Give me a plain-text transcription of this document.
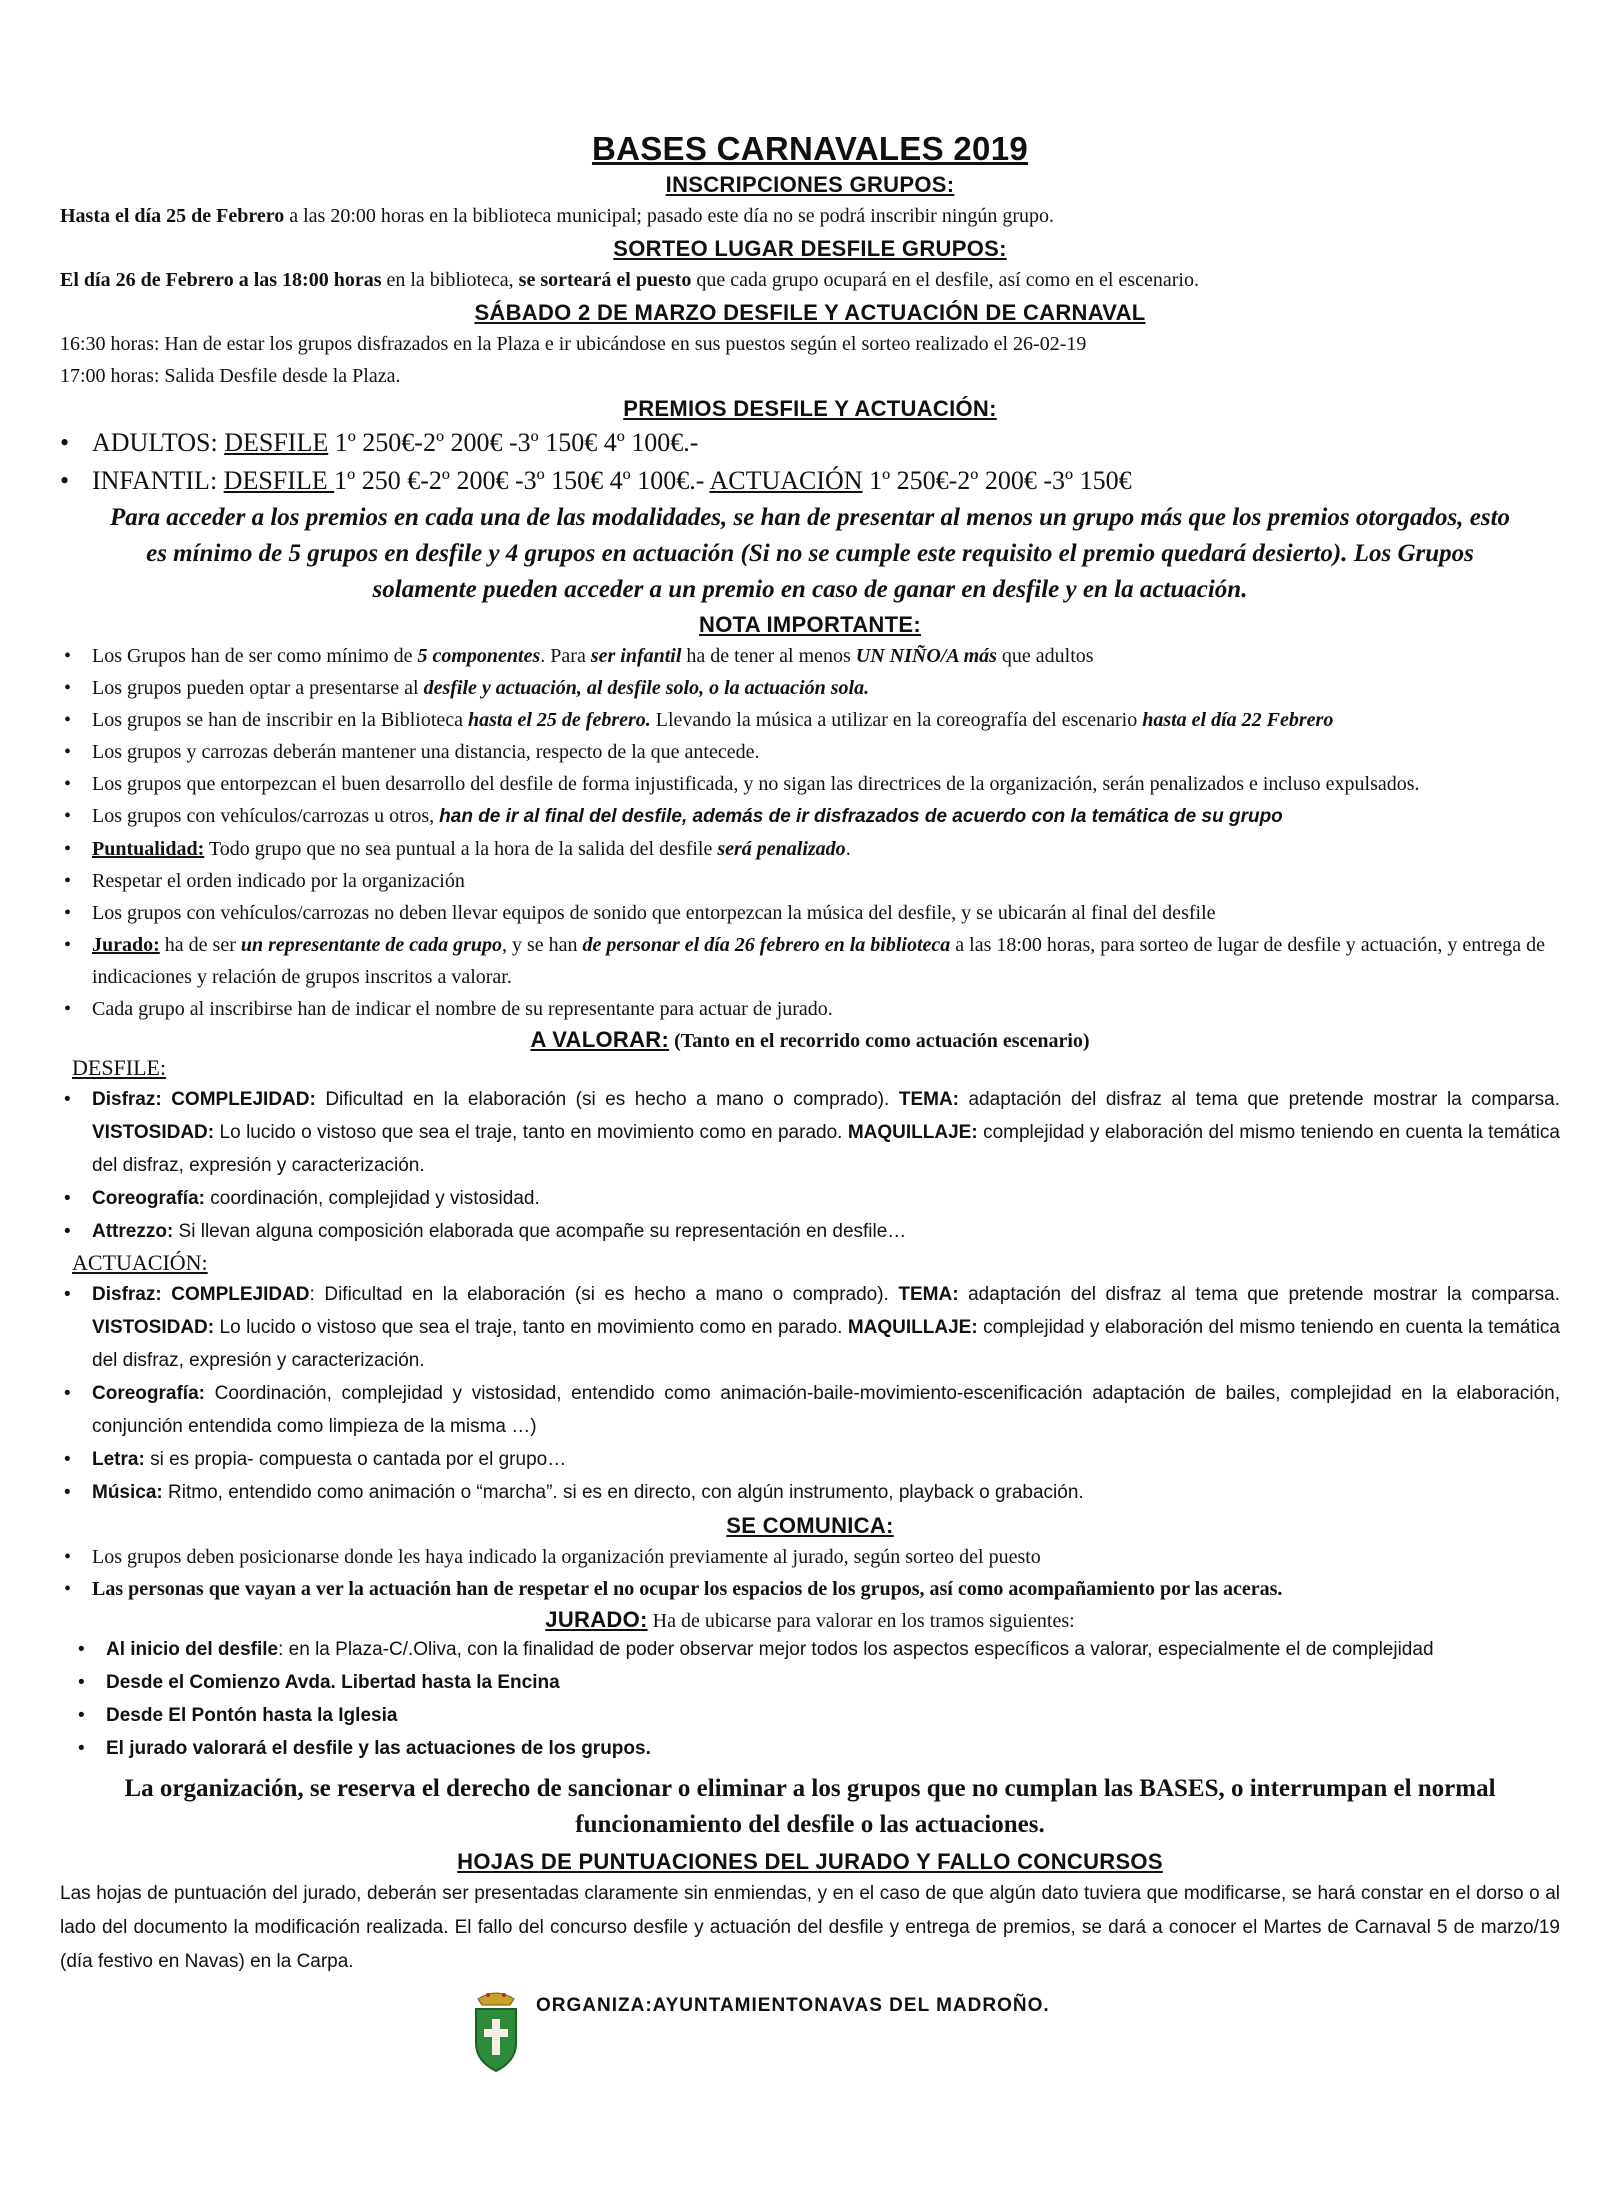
BASES CARNAVALES 2019
INSCRIPCIONES GRUPOS:

Hasta el día 25 de Febrero a las 20:00 horas en la biblioteca municipal; pasado este día no se podrá inscribir ningún grupo.

SORTEO LUGAR DESFILE GRUPOS:

El día 26 de Febrero a las 18:00 horas en la biblioteca, se sorteará el puesto que cada grupo ocupará en el desfile, así como en el escenario.

SÁBADO 2 DE MARZO DESFILE Y ACTUACIÓN DE CARNAVAL

16:30 horas: Han de estar los grupos disfrazados en la Plaza e ir ubicándose en sus puestos según el sorteo realizado el 26-02-19

17:00 horas: Salida Desfile desde la Plaza.

PREMIOS DESFILE Y ACTUACIÓN:
• ADULTOS: DESFILE 1º 250€-2º 200€ -3º 150€ 4º 100€.-
• INFANTIL: DESFILE 1º 250 €-2º 200€ -3º 150€ 4º 100€.- ACTUACIÓN 1º 250€-2º 200€ -3º 150€

Para acceder a los premios en cada una de las modalidades, se han de presentar al menos un grupo más que los premios otorgados, esto es mínimo de 5 grupos en desfile y 4 grupos en actuación (Si no se cumple este requisito el premio quedará desierto). Los Grupos solamente pueden acceder a un premio en caso de ganar en desfile y en la actuación.

NOTA IMPORTANTE:
• Los Grupos han de ser como mínimo de 5 componentes. Para ser infantil ha de tener al menos UN NIÑO/A más que adultos
• Los grupos pueden optar a presentarse al desfile y actuación, al desfile solo, o la actuación sola.
• Los grupos se han de inscribir en la Biblioteca hasta el 25 de febrero. Llevando la música a utilizar en la coreografía del escenario hasta el día 22 Febrero
• Los grupos y carrozas deberán mantener una distancia, respecto de la que antecede.
• Los grupos que entorpezcan el buen desarrollo del desfile de forma injustificada, y no sigan las directrices de la organización, serán penalizados e incluso expulsados.
• Los grupos con vehículos/carrozas u otros, han de ir al final del desfile, además de ir disfrazados de acuerdo con la temática de su grupo
• Puntualidad: Todo grupo que no sea puntual a la hora de la salida del desfile será penalizado.
• Respetar el orden indicado por la organización
• Los grupos con vehículos/carrozas no deben llevar equipos de sonido que entorpezcan la música del desfile, y se ubicarán al final del desfile
• Jurado: ha de ser un representante de cada grupo, y se han de personar el día 26 febrero en la biblioteca a las 18:00 horas, para sorteo de lugar de desfile y actuación, y entrega de indicaciones y relación de grupos inscritos a valorar.
• Cada grupo al inscribirse han de indicar el nombre de su representante para actuar de jurado.
A VALORAR: (Tanto en el recorrido como actuación escenario)
DESFILE:
• Disfraz: COMPLEJIDAD: Dificultad en la elaboración (si es hecho a mano o comprado). TEMA: adaptación del disfraz al tema que pretende mostrar la comparsa. VISTOSIDAD: Lo lucido o vistoso que sea el traje, tanto en movimiento como en parado. MAQUILLAJE: complejidad y elaboración del mismo teniendo en cuenta la temática del disfraz, expresión y caracterización.
• Coreografía: coordinación, complejidad y vistosidad.
• Attrezzo: Si llevan alguna composición elaborada que acompañe su representación en desfile…
ACTUACIÓN:
• Disfraz: COMPLEJIDAD: Dificultad en la elaboración (si es hecho a mano o comprado). TEMA: adaptación del disfraz al tema que pretende mostrar la comparsa. VISTOSIDAD: Lo lucido o vistoso que sea el traje, tanto en movimiento como en parado. MAQUILLAJE: complejidad y elaboración del mismo teniendo en cuenta la temática del disfraz, expresión y caracterización.
• Coreografía: Coordinación, complejidad y vistosidad, entendido como animación-baile-movimiento-escenificación adaptación de bailes, complejidad en la elaboración, conjunción entendida como limpieza de la misma …)
• Letra: si es propia- compuesta o cantada por el grupo…
• Música: Ritmo, entendido como animación o “marcha”. si es en directo, con algún instrumento, playback o grabación.
SE COMUNICA:
• Los grupos deben posicionarse donde les haya indicado la organización previamente al jurado, según sorteo del puesto
• Las personas que vayan a ver la actuación han de respetar el no ocupar los espacios de los grupos, así como acompañamiento por las aceras.
JURADO: Ha de ubicarse para valorar en los tramos siguientes:
• Al inicio del desfile: en la Plaza-C/.Oliva, con la finalidad de poder observar mejor todos los aspectos específicos a valorar, especialmente el de complejidad
• Desde el Comienzo Avda. Libertad hasta la Encina
• Desde El Pontón hasta la Iglesia
• El jurado valorará el desfile y las actuaciones de los grupos.

La organización, se reserva el derecho de sancionar o eliminar a los grupos que no cumplan las BASES, o interrumpan el normal funcionamiento del desfile o las actuaciones.

HOJAS DE PUNTUACIONES DEL JURADO Y FALLO CONCURSOS

Las hojas de puntuación del jurado, deberán ser presentadas claramente sin enmiendas, y en el caso de que algún dato tuviera que modificarse, se hará constar en el dorso o al lado del documento la modificación realizada. El fallo del concurso desfile y actuación del desfile y entrega de premios, se dará a conocer el Martes de Carnaval 5 de marzo/19 (día festivo en Navas) en la Carpa.

ORGANIZA:AYUNTAMIENTONAVAS DEL MADROÑO.
